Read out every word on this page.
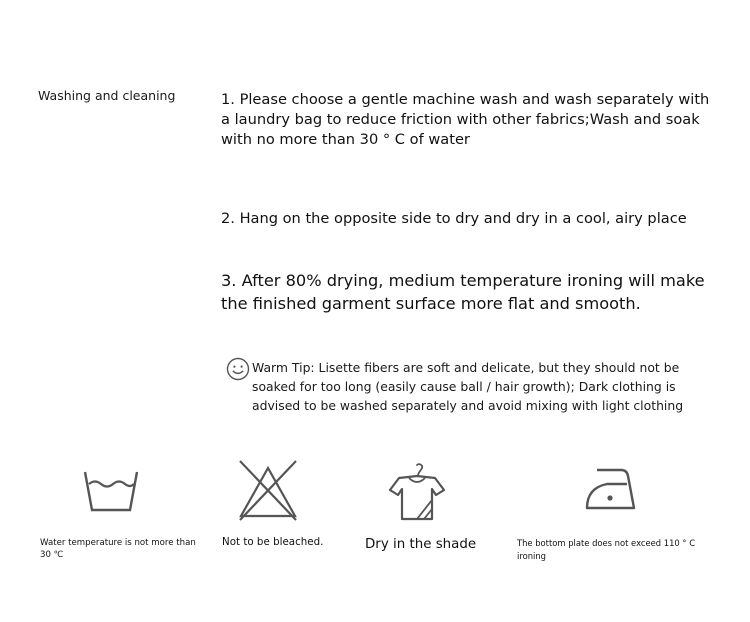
Washing and cleaning	1. Please choose a gentle machine wash and wash separately with a laundry bag to reduce friction with other fabrics;Wash and soak with no more than 30 ° C of water
2. Hang on the opposite side to dry and dry in a cool, airy place
3. After 80% drying, medium temperature ironing will make the finished garment surface more flat and smooth.
Warm Tip: Lisette fibers are soft and delicate, but they should not be soaked for too long (easily cause ball / hair growth); Dark clothing is advised to be washed separately and avoid mixing with light clothing
Water temperature is not more than 30 ℃
Not to be bleached.	Dry in the shade	The bottom plate does not exceed 110 ° C ironing
